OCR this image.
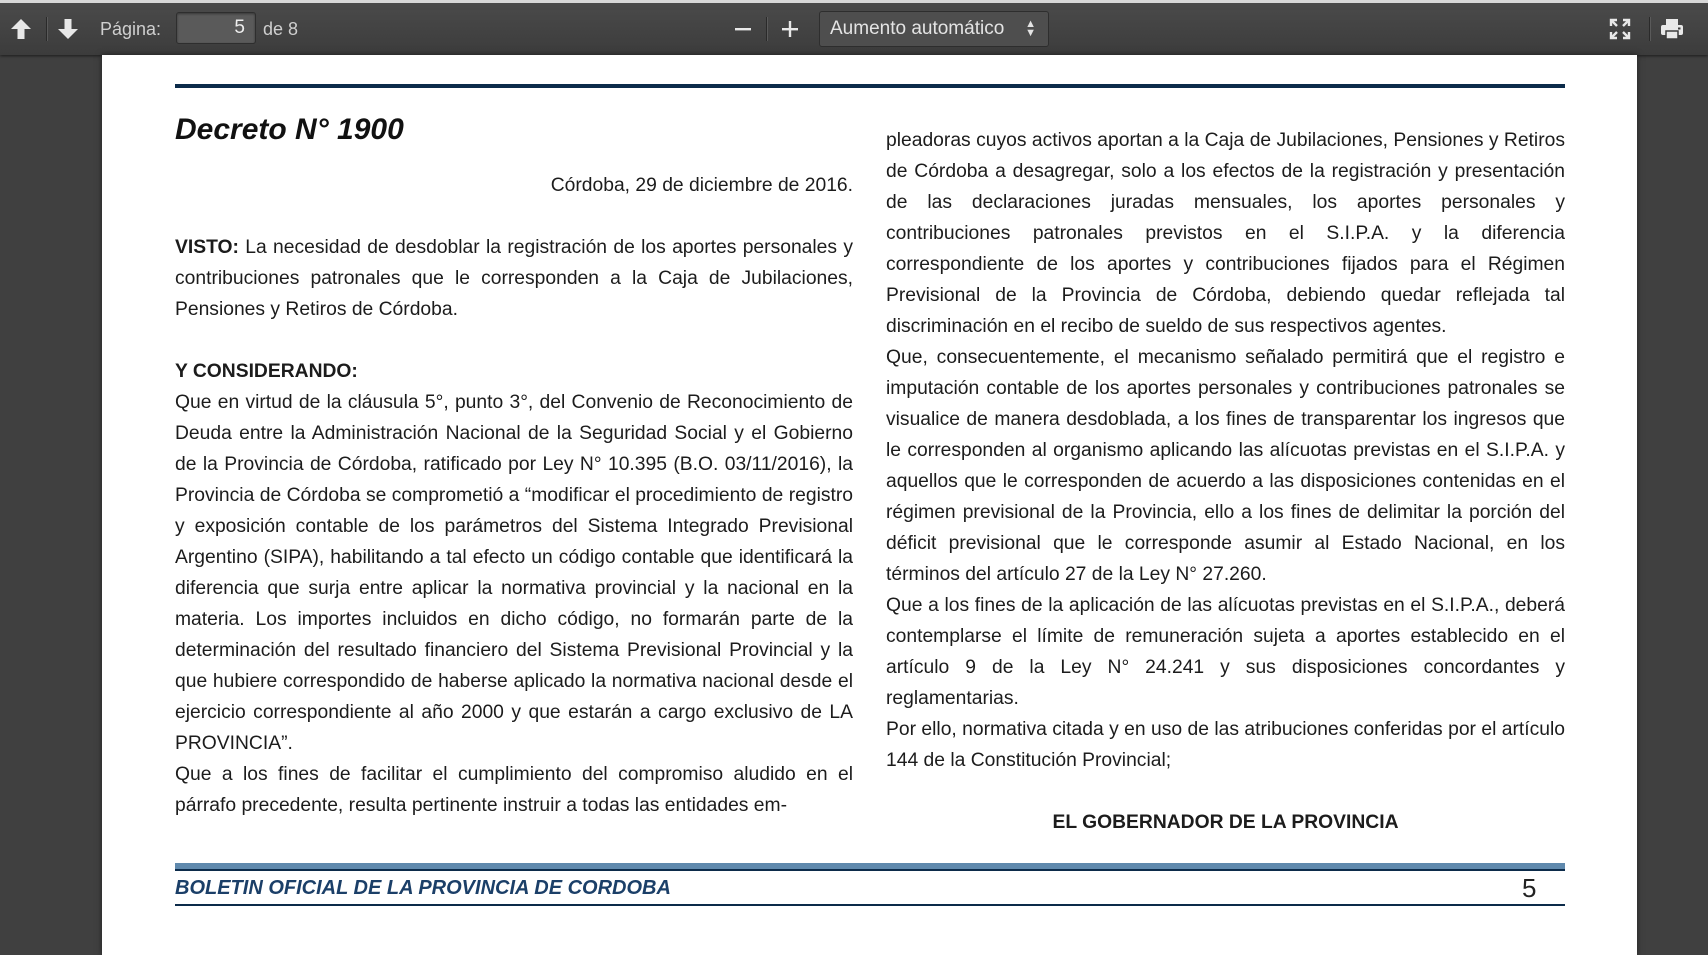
Página:
5	de 8	Aumento automático ▲
▼
Decreto N° 1900
Córdoba, 29 de diciembre de 2016.

VISTO: La necesidad de desdoblar la registración de los aportes personales y contribuciones patronales que le corresponden a la Caja de Jubilaciones, Pensiones y Retiros de Córdoba.

Y CONSIDERANDO:

Que en virtud de la cláusula 5°, punto 3°, del Convenio de Reconocimiento de Deuda entre la Administración Nacional de la Seguridad Social y el Gobierno de la Provincia de Córdoba, ratificado por Ley N° 10.395 (B.O. 03/11/2016), la Provincia de Córdoba se comprometió a “modificar el procedimiento de registro y exposición contable de los parámetros del Sistema Integrado Previsional Argentino (SIPA), habilitando a tal efecto un código contable que identificará la diferencia que surja entre aplicar la normativa provincial y la nacional en la materia. Los importes incluidos en dicho código, no formarán parte de la determinación del resultado financiero del Sistema Previsional Provincial y la que hubiere correspondido de haberse aplicado la normativa nacional desde el ejercicio correspondiente al año 2000 y que estarán a cargo exclusivo de LA PROVINCIA”.

Que a los fines de facilitar el cumplimiento del compromiso aludido en el párrafo precedente, resulta pertinente instruir a todas las entidades em-

pleadoras cuyos activos aportan a la Caja de Jubilaciones, Pensiones y Retiros de Córdoba a desagregar, solo a los efectos de la registración y presentación de las declaraciones juradas mensuales, los aportes personales y contribuciones patronales previstos en el S.I.P.A. y la diferencia correspondiente de los aportes y contribuciones fijados para el Régimen Previsional de la Provincia de Córdoba, debiendo quedar reflejada tal discriminación en el recibo de sueldo de sus respectivos agentes.

Que, consecuentemente, el mecanismo señalado permitirá que el registro e imputación contable de los aportes personales y contribuciones patronales se visualice de manera desdoblada, a los fines de transparentar los ingresos que le corresponden al organismo aplicando las alícuotas previstas en el S.I.P.A. y aquellos que le corresponden de acuerdo a las disposiciones contenidas en el régimen previsional de la Provincia, ello a los fines de delimitar la porción del déficit previsional que le corresponde asumir al Estado Nacional, en los términos del artículo 27 de la Ley N° 27.260.

Que a los fines de la aplicación de las alícuotas previstas en el S.I.P.A., deberá contemplarse el límite de remuneración sujeta a aportes establecido en el artículo 9 de la Ley N° 24.241 y sus disposiciones concordantes y reglamentarias.

Por ello, normativa citada y en uso de las atribuciones conferidas por el artículo 144 de la Constitución Provincial;

EL GOBERNADOR DE LA PROVINCIA

BOLETIN OFICIAL DE LA PROVINCIA DE CORDOBA	5
